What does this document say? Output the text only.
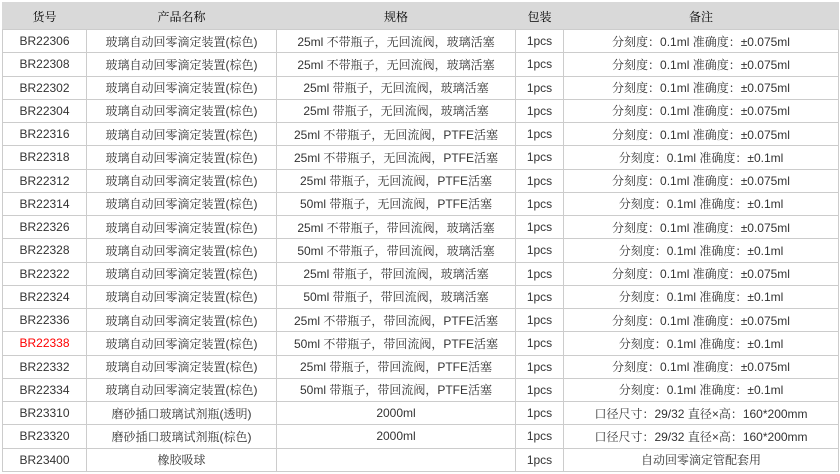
货号	产品名称	规格	包装	备注
BR22306	玻璃自动回零滴定装置(棕色)	25ml 不带瓶子，无回流阀，玻璃活塞	1pcs	分刻度：0.1ml 准确度：±0.075ml
BR22308	玻璃自动回零滴定装置(棕色)	25ml 不带瓶子，无回流阀，玻璃活塞	1pcs	分刻度：0.1ml 准确度：±0.075ml
BR22302	玻璃自动回零滴定装置(棕色)	25ml 带瓶子，无回流阀，玻璃活塞	1pcs	分刻度：0.1ml 准确度：±0.075ml
BR22304	玻璃自动回零滴定装置(棕色)	25ml 带瓶子，无回流阀，玻璃活塞	1pcs	分刻度：0.1ml 准确度：±0.075ml
BR22316	玻璃自动回零滴定装置(棕色)	25ml 不带瓶子，无回流阀，PTFE活塞	1pcs	分刻度：0.1ml 准确度：±0.075ml
BR22318	玻璃自动回零滴定装置(棕色)	25ml 不带瓶子，无回流阀，PTFE活塞	1pcs	分刻度：0.1ml 准确度：±0.1ml
BR22312	玻璃自动回零滴定装置(棕色)	25ml 带瓶子，无回流阀，PTFE活塞	1pcs	分刻度：0.1ml 准确度：±0.075ml
BR22314	玻璃自动回零滴定装置(棕色)	50ml 带瓶子，无回流阀，PTFE活塞	1pcs	分刻度：0.1ml 准确度：±0.1ml
BR22326	玻璃自动回零滴定装置(棕色)	25ml 不带瓶子，带回流阀，玻璃活塞	1pcs	分刻度：0.1ml 准确度：±0.075ml
BR22328	玻璃自动回零滴定装置(棕色)	50ml 不带瓶子，带回流阀，玻璃活塞	1pcs	分刻度：0.1ml 准确度：±0.1ml
BR22322	玻璃自动回零滴定装置(棕色)	25ml 带瓶子，带回流阀，玻璃活塞	1pcs	分刻度：0.1ml 准确度：±0.075ml
BR22324	玻璃自动回零滴定装置(棕色)	50ml 带瓶子，带回流阀，玻璃活塞	1pcs	分刻度：0.1ml 准确度：±0.1ml
BR22336	玻璃自动回零滴定装置(棕色)	25ml 不带瓶子，带回流阀，PTFE活塞	1pcs	分刻度：0.1ml 准确度：±0.075ml
BR22338	玻璃自动回零滴定装置(棕色)	50ml 不带瓶子，带回流阀，PTFE活塞	1pcs	分刻度：0.1ml 准确度：±0.1ml
BR22332	玻璃自动回零滴定装置(棕色)	25ml 带瓶子，带回流阀，PTFE活塞	1pcs	分刻度：0.1ml 准确度：±0.075ml
BR22334	玻璃自动回零滴定装置(棕色)	50ml 带瓶子，带回流阀，PTFE活塞	1pcs	分刻度：0.1ml 准确度：±0.1ml
BR23310	磨砂插口玻璃试剂瓶(透明)	2000ml	1pcs	口径尺寸：29/32 直径×高：160*200mm
BR23320	磨砂插口玻璃试剂瓶(棕色)	2000ml	1pcs	口径尺寸：29/32 直径×高：160*200mm
BR23400	橡胶吸球		1pcs	自动回零滴定管配套用
